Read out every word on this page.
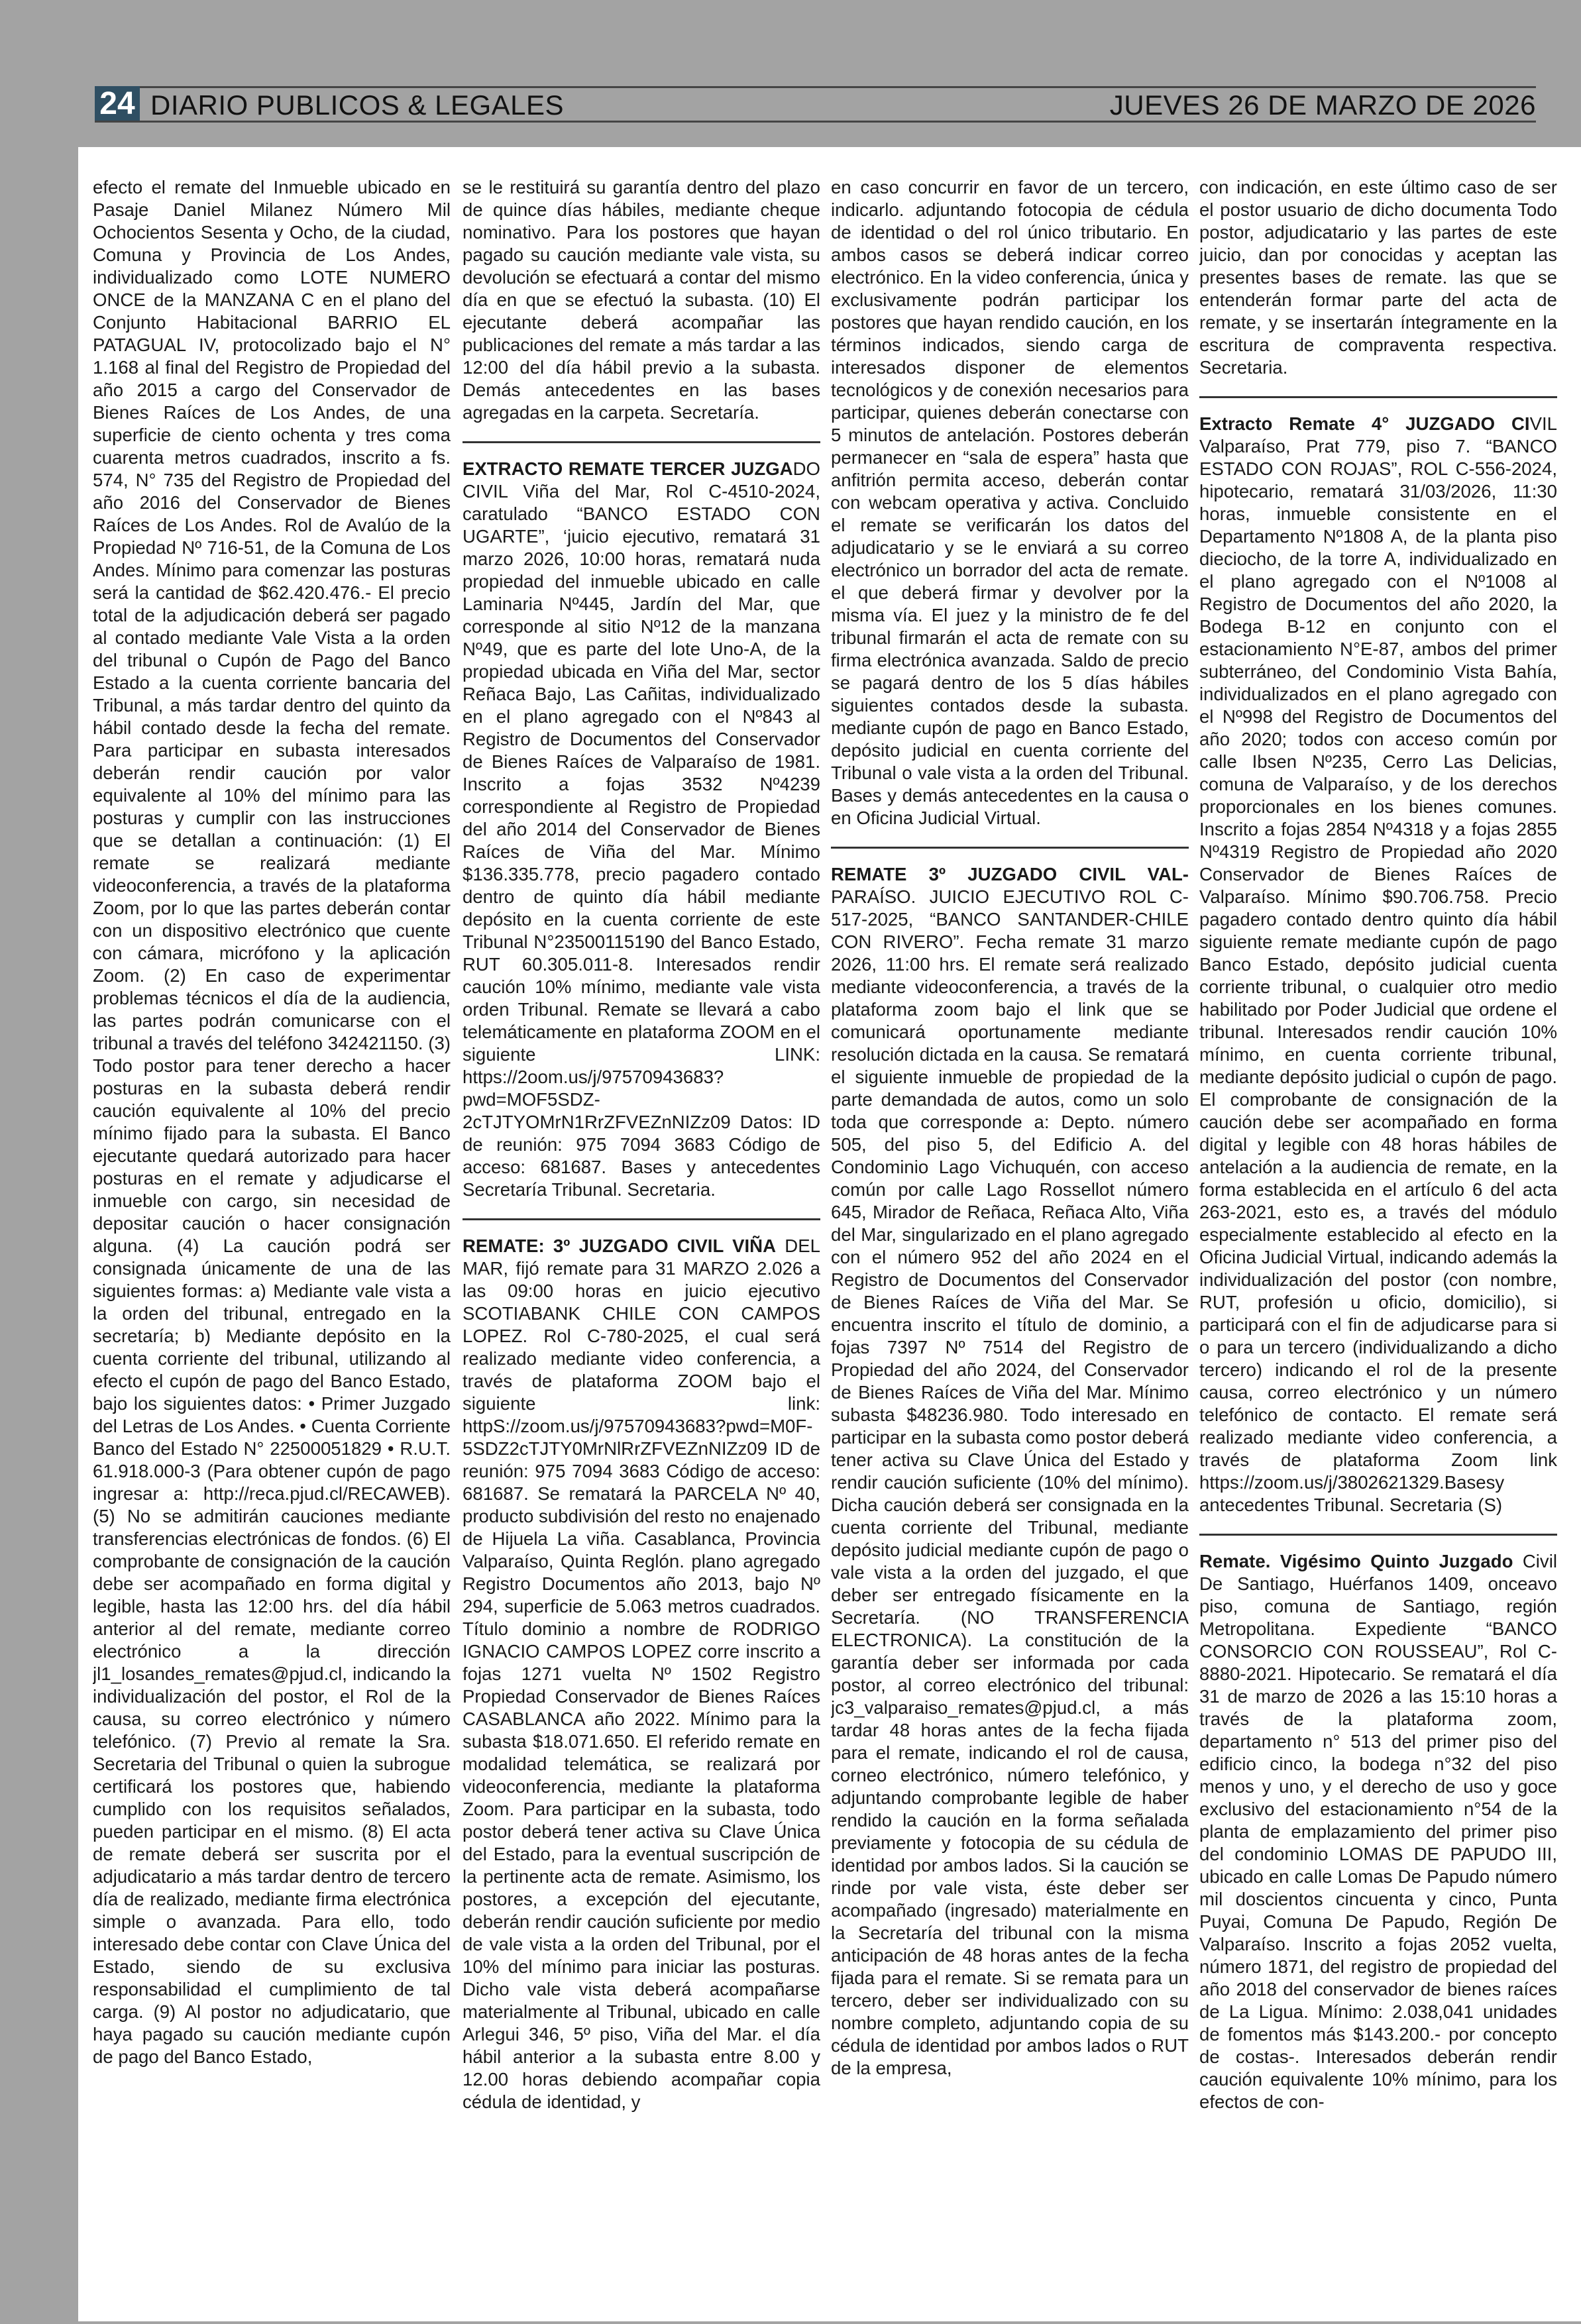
24 DIARIO PUBLICOS & LEGALES	JUEVES 26 DE MARZO DE 2026

efecto el remate del Inmueble ubicado en Pasaje Daniel Milanez Número Mil Ochocientos Sesenta y Ocho, de la ciudad, Comuna y Provincia de Los Andes, individualizado como LOTE NUMERO ONCE de la MANZANA C en el plano del Conjunto Habitacional BARRIO EL PATAGUAL IV, protocolizado bajo el N° 1.168 al final del Registro de Propiedad del año 2015 a cargo del Conservador de Bienes Raíces de Los Andes, de una superficie de ciento ochenta y tres coma cuarenta metros cuadrados, inscrito a fs. 574, N° 735 del Registro de Propiedad del año 2016 del Conservador de Bienes Raíces de Los Andes. Rol de Avalúo de la Propiedad Nº 716-51, de la Comuna de Los Andes. Mínimo para comenzar las posturas será la cantidad de $62.420.476.- El precio total de la adjudicación deberá ser pagado al contado mediante Vale Vista a la orden del tribunal o Cupón de Pago del Banco Estado a la cuenta corriente bancaria del Tribunal, a más tardar dentro del quinto da hábil contado desde la fecha del remate. Para participar en subasta interesados deberán rendir caución por valor equivalente al 10% del mínimo para las posturas y cumplir con las instrucciones que se detallan a continuación: (1) El remate se realizará mediante videoconferencia, a través de la plataforma Zoom, por lo que las partes deberán contar con un dispositivo electrónico que cuente con cámara, micrófono y la aplicación Zoom. (2) En caso de experimentar problemas técnicos el día de la audiencia, las partes podrán comunicarse con el tribunal a través del teléfono 342421150. (3) Todo postor para tener derecho a hacer posturas en la subasta deberá rendir caución equivalente al 10% del precio mínimo fijado para la subasta. El Banco ejecutante quedará autorizado para hacer posturas en el remate y adjudicarse el inmueble con cargo, sin necesidad de depositar caución o hacer consignación alguna. (4) La caución podrá ser consignada únicamente de una de las siguientes formas: a) Mediante vale vista a la orden del tribunal, entregado en la secretaría; b) Mediante depósito en la cuenta corriente del tribunal, utilizando al efecto el cupón de pago del Banco Estado, bajo los siguientes datos: • Primer Juzgado del Letras de Los Andes. • Cuenta Corriente Banco del Estado N° 22500051829 • R.U.T. 61.918.000-3 (Para obtener cupón de pago ingresar a: http://reca.pjud.cl/RECAWEB). (5) No se admitirán cauciones mediante transferencias electrónicas de fondos. (6) El comprobante de consignación de la caución debe ser acompañado en forma digital y legible, hasta las 12:00 hrs. del día hábil anterior al del remate, mediante correo electrónico a la dirección jl1_losandes_remates@pjud.cl, indicando la individualización del postor, el Rol de la causa, su correo electrónico y número telefónico. (7) Previo al remate la Sra. Secretaria del Tribunal o quien la subrogue certificará los postores que, habiendo cumplido con los requisitos señalados, pueden participar en el mismo. (8) El acta de remate deberá ser suscrita por el adjudicatario a más tardar dentro de tercero día de realizado, mediante firma electrónica simple o avanzada. Para ello, todo interesado debe contar con Clave Única del Estado, siendo de su exclusiva responsabilidad el cumplimiento de tal carga. (9) Al postor no adjudicatario, que haya pagado su caución mediante cupón de pago del Banco Estado,

se le restituirá su garantía dentro del plazo de quince días hábiles, mediante cheque nominativo. Para los postores que hayan pagado su caución mediante vale vista, su devolución se efectuará a contar del mismo día en que se efectuó la subasta. (10) El ejecutante deberá acompañar las publicaciones del remate a más tardar a las 12:00 del día hábil previo a la subasta. Demás antecedentes en las bases agregadas en la carpeta. Secretaría.

EXTRACTO REMATE TERCER JUZGADO CIVIL Viña del Mar, Rol C-4510-2024, caratulado “BANCO ESTADO CON UGARTE”, ‘juicio ejecutivo, rematará 31 marzo 2026, 10:00 horas, rematará nuda propiedad del inmueble ubicado en calle Laminaria Nº445, Jardín del Mar, que corresponde al sitio Nº12 de la manzana Nº49, que es parte del lote Uno-A, de la propiedad ubicada en Viña del Mar, sector Reñaca Bajo, Las Cañitas, individualizado en el plano agregado con el Nº843 al Registro de Documentos del Conservador de Bienes Raíces de Valparaíso de 1981. Inscrito a fojas 3532 Nº4239 correspondiente al Registro de Propiedad del año 2014 del Conservador de Bienes Raíces de Viña del Mar. Mínimo $136.335.778, precio pagadero contado dentro de quinto día hábil mediante depósito en la cuenta corriente de este Tribunal N°23500115190 del Banco Estado, RUT 60.305.011-8. Interesados rendir caución 10% mínimo, mediante vale vista orden Tribunal. Remate se llevará a cabo telemáticamente en plataforma ZOOM en el siguiente LINK: https://2oom.us/j/97570943683?pwd=MOF5SDZ-2cTJTYOMrN1RrZFVEZnNIZz09 Datos: ID de reunión: 975 7094 3683 Código de acceso: 681687. Bases y antecedentes Secretaría Tribunal. Secretaria.

REMATE: 3º JUZGADO CIVIL VIÑA DEL MAR, fijó remate para 31 MARZO 2.026 a las 09:00 horas en juicio ejecutivo SCOTIABANK CHILE CON CAMPOS LOPEZ. Rol C-780-2025, el cual será realizado mediante video conferencia, a través de plataforma ZOOM bajo el siguiente link: httpS://zoom.us/j/97570943683?pwd=M0F-5SDZ2cTJTY0MrNlRrZFVEZnNIZz09 ID de reunión: 975 7094 3683 Código de acceso: 681687. Se rematará la PARCELA Nº 40, producto subdivisión del resto no enajenado de Hijuela La viña. Casablanca, Provincia Valparaíso, Quinta Reglón. plano agregado Registro Documentos año 2013, bajo Nº 294, superficie de 5.063 metros cuadrados. Título dominio a nombre de RODRIGO IGNACIO CAMPOS LOPEZ corre inscrito a fojas 1271 vuelta Nº 1502 Registro Propiedad Conservador de Bienes Raíces CASABLANCA año 2022. Mínimo para la subasta $18.071.650. El referido remate en modalidad telemática, se realizará por videoconferencia, mediante la plataforma Zoom. Para participar en la subasta, todo postor deberá tener activa su Clave Única del Estado, para la eventual suscripción de la pertinente acta de remate. Asimismo, los postores, a excepción del ejecutante, deberán rendir caución suficiente por medio de vale vista a la orden del Tribunal, por el 10% del mínimo para iniciar las posturas. Dicho vale vista deberá acompañarse materialmente al Tribunal, ubicado en calle Arlegui 346, 5º piso, Viña del Mar. el día hábil anterior a la subasta entre 8.00 y 12.00 horas debiendo acompañar copia cédula de identidad, y

en caso concurrir en favor de un tercero, indicarlo. adjuntando fotocopia de cédula de identidad o del rol único tributario. En ambos casos se deberá indicar correo electrónico. En la video conferencia, única y exclusivamente podrán participar los postores que hayan rendido caución, en los términos indicados, siendo carga de interesados disponer de elementos tecnológicos y de conexión necesarios para participar, quienes deberán conectarse con 5 minutos de antelación. Postores deberán permanecer en “sala de espera” hasta que anfitrión permita acceso, deberán contar con webcam operativa y activa. Concluido el remate se verificarán los datos del adjudicatario y se le enviará a su correo electrónico un borrador del acta de remate. el que deberá firmar y devolver por la misma vía. El juez y la ministro de fe del tribunal firmarán el acta de remate con su firma electrónica avanzada. Saldo de precio se pagará dentro de los 5 días hábiles siguientes contados desde la subasta. mediante cupón de pago en Banco Estado, depósito judicial en cuenta corriente del Tribunal o vale vista a la orden del Tribunal. Bases y demás antecedentes en la causa o en Oficina Judicial Virtual.

REMATE 3º JUZGADO CIVIL VAL-PARAÍSO. JUICIO EJECUTIVO ROL C-517-2025, “BANCO SANTANDER-CHILE CON RIVERO”. Fecha remate 31 marzo 2026, 11:00 hrs. El remate será realizado mediante videoconferencia, a través de la plataforma zoom bajo el link que se comunicará oportunamente mediante resolución dictada en la causa. Se rematará el siguiente inmueble de propiedad de la parte demandada de autos, como un solo toda que corresponde a: Depto. número 505, del piso 5, del Edificio A. del Condominio Lago Vichuquén, con acceso común por calle Lago Rossellot número 645, Mirador de Reñaca, Reñaca Alto, Viña del Mar, singularizado en el plano agregado con el número 952 del año 2024 en el Registro de Documentos del Conservador de Bienes Raíces de Viña del Mar. Se encuentra inscrito el título de dominio, a fojas 7397 Nº 7514 del Registro de Propiedad del año 2024, del Conservador de Bienes Raíces de Viña del Mar. Mínimo subasta $48236.980. Todo interesado en participar en la subasta como postor deberá tener activa su Clave Única del Estado y rendir caución suficiente (10% del mínimo). Dicha caución deberá ser consignada en la cuenta corriente del Tribunal, mediante depósito judicial mediante cupón de pago o vale vista a la orden del juzgado, el que deber ser entregado físicamente en la Secretaría. (NO TRANSFERENCIA ELECTRONICA). La constitución de la garantía deber ser informada por cada postor, al correo electrónico del tribunal: jc3_valparaiso_remates@pjud.cl, a más tardar 48 horas antes de la fecha fijada para el remate, indicando el rol de causa, corneo electrónico, número telefónico, y adjuntando comprobante legible de haber rendido la caución en la forma señalada previamente y fotocopia de su cédula de identidad por ambos lados. Si la caución se rinde por vale vista, éste deber ser acompañado (ingresado) materialmente en la Secretaría del tribunal con la misma anticipación de 48 horas antes de la fecha fijada para el remate. Si se remata para un tercero, deber ser individualizado con su nombre completo, adjuntando copia de su cédula de identidad por ambos lados o RUT de la empresa,

con indicación, en este último caso de ser el postor usuario de dicho documenta Todo postor, adjudicatario y las partes de este juicio, dan por conocidas y aceptan las presentes bases de remate. las que se entenderán formar parte del acta de remate, y se insertarán íntegramente en la escritura de compraventa respectiva. Secretaria.

Extracto Remate 4° JUZGADO CIVIL Valparaíso, Prat 779, piso 7. “BANCO ESTADO CON ROJAS”, ROL C-556-2024, hipotecario, rematará 31/03/2026, 11:30 horas, inmueble consistente en el Departamento Nº1808 A, de la planta piso dieciocho, de la torre A, individualizado en el plano agregado con el Nº1008 al Registro de Documentos del año 2020, la Bodega B-12 en conjunto con el estacionamiento N°E-87, ambos del primer subterráneo, del Condominio Vista Bahía, individualizados en el plano agregado con el Nº998 del Registro de Documentos del año 2020; todos con acceso común por calle Ibsen Nº235, Cerro Las Delicias, comuna de Valparaíso, y de los derechos proporcionales en los bienes comunes. Inscrito a fojas 2854 Nº4318 y a fojas 2855 Nº4319 Registro de Propiedad año 2020 Conservador de Bienes Raíces de Valparaíso. Mínimo $90.706.758. Precio pagadero contado dentro quinto día hábil siguiente remate mediante cupón de pago Banco Estado, depósito judicial cuenta corriente tribunal, o cualquier otro medio habilitado por Poder Judicial que ordene el tribunal. Interesados rendir caución 10% mínimo, en cuenta corriente tribunal, mediante depósito judicial o cupón de pago. El comprobante de consignación de la caución debe ser acompañado en forma digital y legible con 48 horas hábiles de antelación a la audiencia de remate, en la forma establecida en el artículo 6 del acta 263-2021, esto es, a través del módulo especialmente establecido al efecto en la Oficina Judicial Virtual, indicando además la individualización del postor (con nombre, RUT, profesión u oficio, domicilio), si participará con el fin de adjudicarse para si o para un tercero (individualizando a dicho tercero) indicando el rol de la presente causa, correo electrónico y un número telefónico de contacto. El remate será realizado mediante video conferencia, a través de plataforma Zoom link https://zoom.us/j/3802621329.Basesy antecedentes Tribunal. Secretaria (S)

Remate. Vigésimo Quinto Juzgado Civil De Santiago, Huérfanos 1409, onceavo piso, comuna de Santiago, región Metropolitana. Expediente “BANCO CONSORCIO CON ROUSSEAU”, Rol C-8880-2021. Hipotecario. Se rematará el día 31 de marzo de 2026 a las 15:10 horas a través de la plataforma zoom, departamento n° 513 del primer piso del edificio cinco, la bodega n°32 del piso menos y uno, y el derecho de uso y goce exclusivo del estacionamiento n°54 de la planta de emplazamiento del primer piso del condominio LOMAS DE PAPUDO III, ubicado en calle Lomas De Papudo número mil doscientos cincuenta y cinco, Punta Puyai, Comuna De Papudo, Región De Valparaíso. Inscrito a fojas 2052 vuelta, número 1871, del registro de propiedad del año 2018 del conservador de bienes raíces de La Ligua. Mínimo: 2.038,041 unidades de fomentos más $143.200.- por concepto de costas-. Interesados deberán rendir caución equivalente 10% mínimo, para los efectos de con-
